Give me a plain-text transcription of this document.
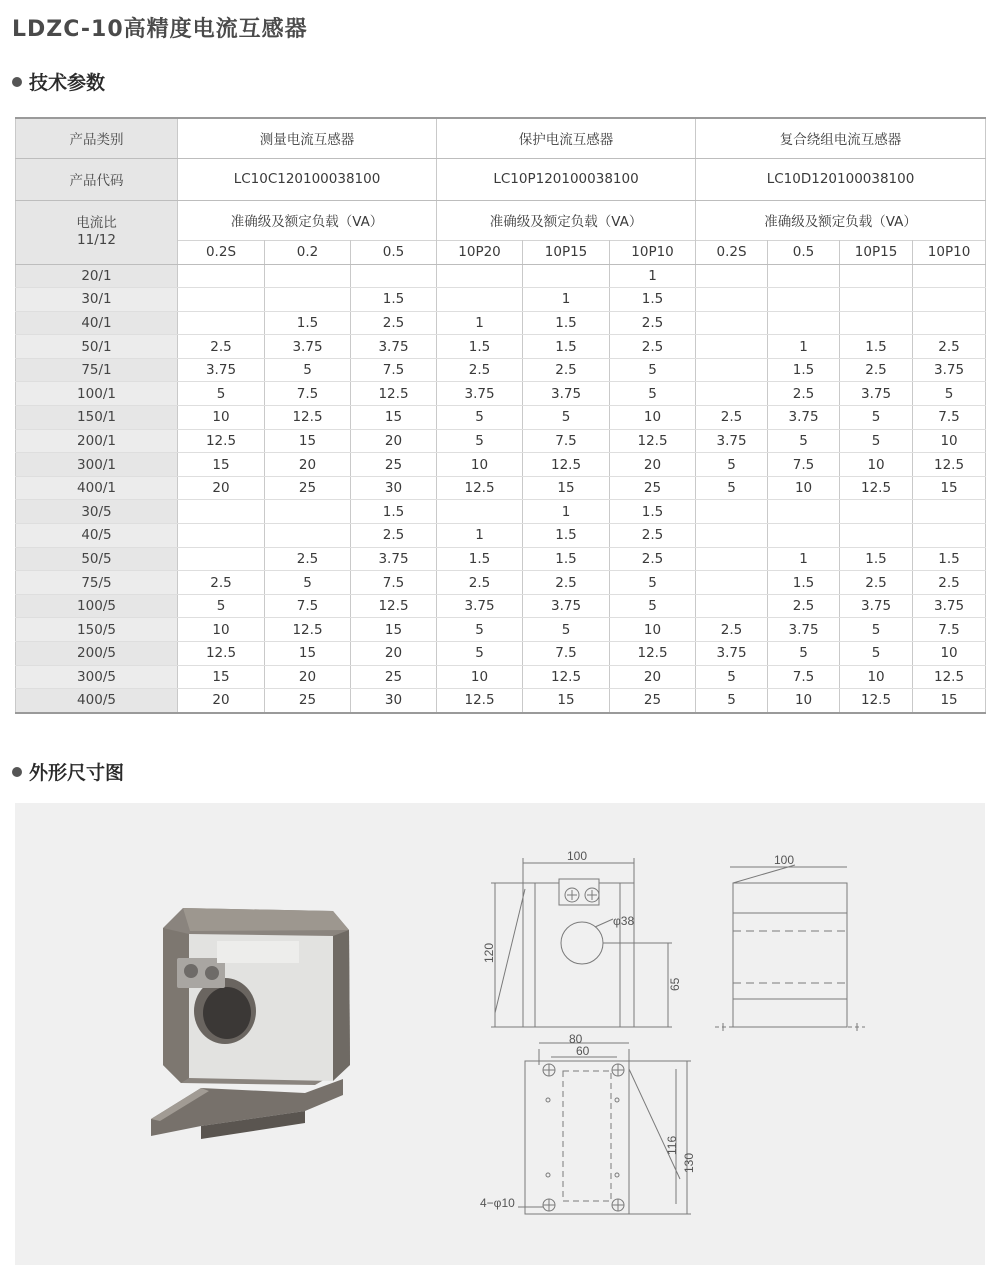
LDZC-10高精度电流互感器
技术参数
产品类别	测量电流互感器			保护电流互感器			复合绕组电流互感器			
产品代码	LC10C120100038100			LC10P120100038100			LC10D120100038100			

电流比
11/12	准确级及额定负载（VA）			准确级及额定负载（VA）			准确级及额定负载（VA）			
	0.2S	0.2	0.5	10P20	10P15	10P10	0.2S	0.5	10P15	10P10
20/1						1				
30/1			1.5		1	1.5				
40/1		1.5	2.5	1	1.5	2.5				
50/1	2.5	3.75	3.75	1.5	1.5	2.5		1	1.5	2.5
75/1	3.75	5	7.5	2.5	2.5	5		1.5	2.5	3.75
100/1	5	7.5	12.5	3.75	3.75	5		2.5	3.75	5
150/1	10	12.5	15	5	5	10	2.5	3.75	5	7.5
200/1	12.5	15	20	5	7.5	12.5	3.75	5	5	10
300/1	15	20	25	10	12.5	20	5	7.5	10	12.5
400/1	20	25	30	12.5	15	25	5	10	12.5	15
30/5			1.5		1	1.5				
40/5			2.5	1	1.5	2.5				
50/5		2.5	3.75	1.5	1.5	2.5		1	1.5	1.5
75/5	2.5	5	7.5	2.5	2.5	5		1.5	2.5	2.5
100/5	5	7.5	12.5	3.75	3.75	5		2.5	3.75	3.75
150/5	10	12.5	15	5	5	10	2.5	3.75	5	7.5
200/5	12.5	15	20	5	7.5	12.5	3.75	5	5	10
300/5	15	20	25	10	12.5	20	5	7.5	10	12.5
400/5	20	25	30	12.5	15	25	5	10	12.5	15
外形尺寸图
100
120
φ38
65
100
80
60
116
130
4−φ10
